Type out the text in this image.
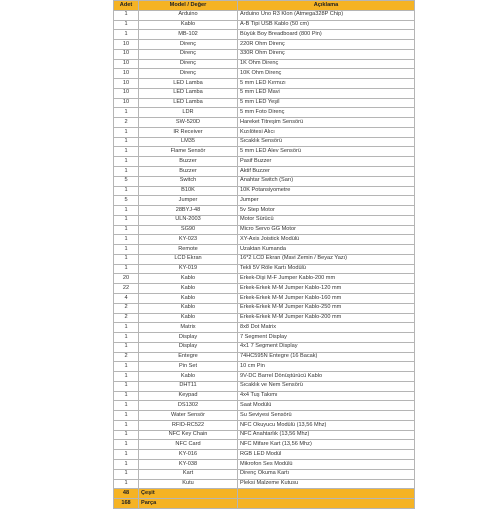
Adet	Model / Değer	Açıklama
1	Arduino	Arduino Uno R3 Klon (Atmega328P Chip)
1	Kablo	A-B Tipi USB Kablo (50 cm)
1	MB-102	Büyük Boy Breadboard (800 Pin)
10	Direnç	220R Ohm Direnç
10	Direnç	330R Ohm Direnç
10	Direnç	1K Ohm Direnç
10	Direnç	10K Ohm Direnç
10	LED Lamba	5 mm LED Kırmızı
10	LED Lamba	5 mm LED Mavi
10	LED Lamba	5 mm LED Yeşil
1	LDR	5 mm Foto Direnç
2	SW-520D	Hareket Titreşim Sensörü
1	IR Receiver	Kızılötesi Alıcı
1	LM35	Sıcaklık Sensörü
1	Flame Sensör	5 mm LED Alev Sensörü
1	Buzzer	Pasif Buzzer
1	Buzzer	Aktif Buzzer
5	Switch	Anahtar Switch (Sarı)
1	B10K	10K Potansiyometre
5	Jumper	Jumper
1	28BYJ-48	5v Step Motor
1	ULN-2003	Motor Sürücü
1	SG90	Micro Servo GG Motor
1	KY-023	XY-Axis Joistick Modülü
1	Remote	Uzaktan Kumanda
1	LCD Ekran	16*2 LCD Ekran (Mavi Zemin / Beyaz Yazı)
1	KY-019	Tekli 5V Röle Kartı Modülü
20	Kablo	Erkek-Dişi M-F Jumper Kablo-200 mm
22	Kablo	Erkek-Erkek M-M Jumper Kablo-120 mm
4	Kablo	Erkek-Erkek M-M Jumper Kablo-160 mm
2	Kablo	Erkek-Erkek M-M Jumper Kablo-250 mm
2	Kablo	Erkek-Erkek M-M Jumper Kablo-200 mm
1	Matrix	8x8 Dot Matrix
1	Display	7 Segment Display
1	Display	4x1 7 Segment Display
2	Entegre	74HC595N Entegre (16 Bacak)
1	Pin Set	10 cm Pin
1	Kablo	9V-DC Barrel Dönüştürücü Kablo
1	DHT11	Sıcaklık ve Nem Sensörü
1	Keypad	4x4 Tuş Takımı
1	DS1302	Saat Modülü
1	Water Sensör	Su Seviyesi Sensörü
1	RFID-RC522	NFC Okuyucu Modülü (13,56 Mhz)
1	NFC Key Chain	NFC Anahtarlık (13,56 Mhz)
1	NFC Card	NFC Mifare Kart (13,56 Mhz)
1	KY-016	RGB LED Modül
1	KY-038	Mikrofon Ses Modülü
1	Kart	Direnç Okuma Kartı
1	Kutu	Pleksi Malzeme Kutusu
48	Çeşit	
168	Parça	
